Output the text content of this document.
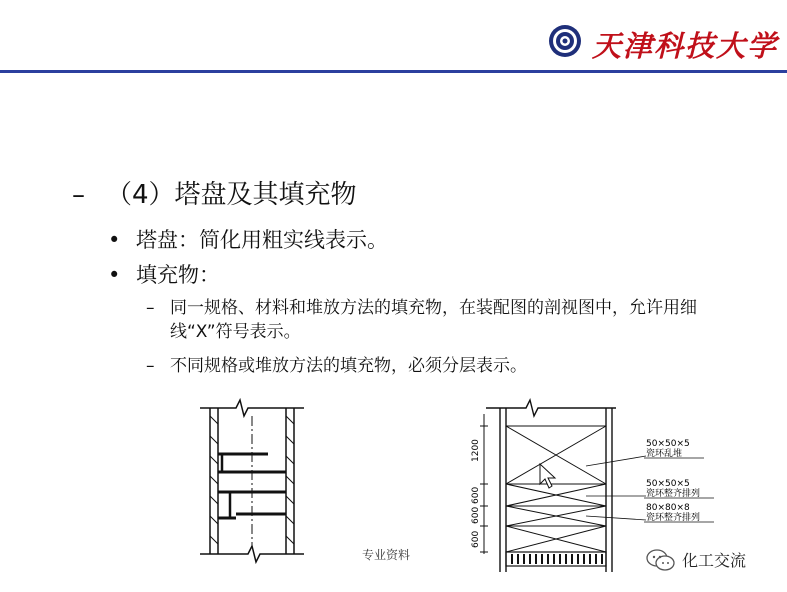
天津科技大学
– （4）塔盘及其填充物
• 塔盘：简化用粗实线表示。
• 填充物：
– 同一规格、材料和堆放方法的填充物，在装配图的剖视图中，允许用细线“X”符号表示。
– 不同规格或堆放方法的填充物，必须分层表示。
1200
600
600
600
50×50×5
瓷环乱堆
50×50×5
瓷环整齐排列
80×80×8
瓷环整齐排列
专业资料	化工交流
